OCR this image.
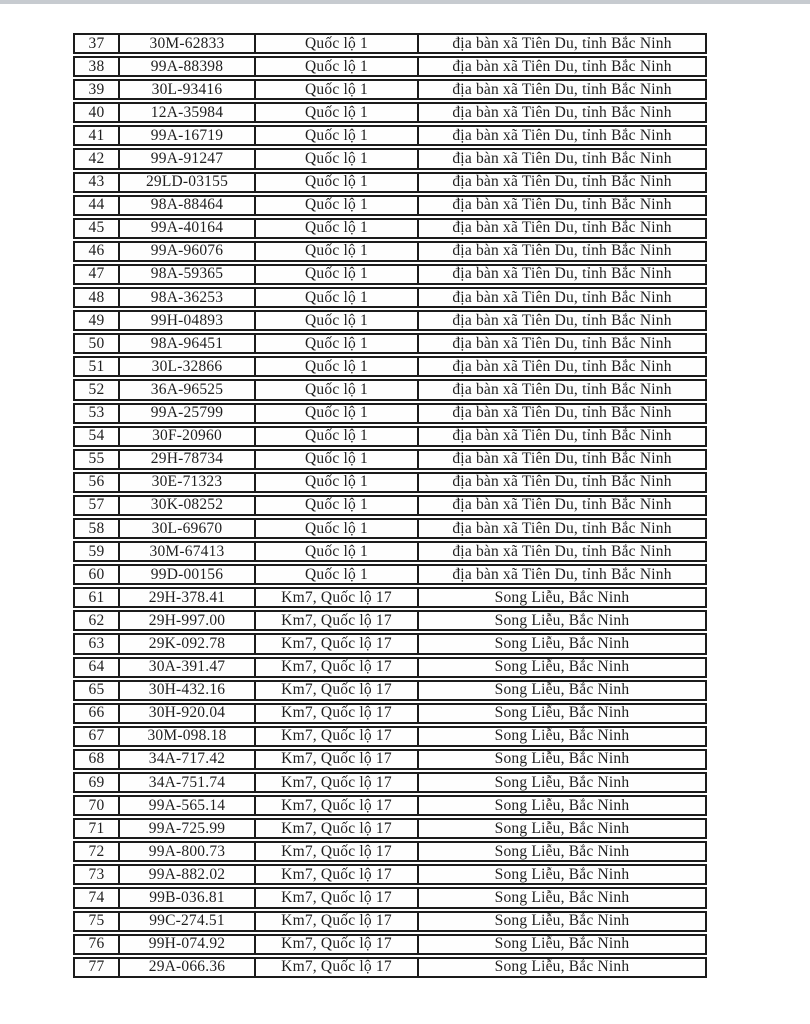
37	30M-62833	Quốc lộ 1	địa bàn xã Tiên Du, tỉnh Bắc Ninh
38	99A-88398	Quốc lộ 1	địa bàn xã Tiên Du, tỉnh Bắc Ninh
39	30L-93416	Quốc lộ 1	địa bàn xã Tiên Du, tỉnh Bắc Ninh
40	12A-35984	Quốc lộ 1	địa bàn xã Tiên Du, tỉnh Bắc Ninh
41	99A-16719	Quốc lộ 1	địa bàn xã Tiên Du, tỉnh Bắc Ninh
42	99A-91247	Quốc lộ 1	địa bàn xã Tiên Du, tỉnh Bắc Ninh
43	29LD-03155	Quốc lộ 1	địa bàn xã Tiên Du, tỉnh Bắc Ninh
44	98A-88464	Quốc lộ 1	địa bàn xã Tiên Du, tỉnh Bắc Ninh
45	99A-40164	Quốc lộ 1	địa bàn xã Tiên Du, tỉnh Bắc Ninh
46	99A-96076	Quốc lộ 1	địa bàn xã Tiên Du, tỉnh Bắc Ninh
47	98A-59365	Quốc lộ 1	địa bàn xã Tiên Du, tỉnh Bắc Ninh
48	98A-36253	Quốc lộ 1	địa bàn xã Tiên Du, tỉnh Bắc Ninh
49	99H-04893	Quốc lộ 1	địa bàn xã Tiên Du, tỉnh Bắc Ninh
50	98A-96451	Quốc lộ 1	địa bàn xã Tiên Du, tỉnh Bắc Ninh
51	30L-32866	Quốc lộ 1	địa bàn xã Tiên Du, tỉnh Bắc Ninh
52	36A-96525	Quốc lộ 1	địa bàn xã Tiên Du, tỉnh Bắc Ninh
53	99A-25799	Quốc lộ 1	địa bàn xã Tiên Du, tỉnh Bắc Ninh
54	30F-20960	Quốc lộ 1	địa bàn xã Tiên Du, tỉnh Bắc Ninh
55	29H-78734	Quốc lộ 1	địa bàn xã Tiên Du, tỉnh Bắc Ninh
56	30E-71323	Quốc lộ 1	địa bàn xã Tiên Du, tỉnh Bắc Ninh
57	30K-08252	Quốc lộ 1	địa bàn xã Tiên Du, tỉnh Bắc Ninh
58	30L-69670	Quốc lộ 1	địa bàn xã Tiên Du, tỉnh Bắc Ninh
59	30M-67413	Quốc lộ 1	địa bàn xã Tiên Du, tỉnh Bắc Ninh
60	99D-00156	Quốc lộ 1	địa bàn xã Tiên Du, tỉnh Bắc Ninh
61	29H-378.41	Km7, Quốc lộ 17	Song Liễu, Bắc Ninh
62	29H-997.00	Km7, Quốc lộ 17	Song Liễu, Bắc Ninh
63	29K-092.78	Km7, Quốc lộ 17	Song Liễu, Bắc Ninh
64	30A-391.47	Km7, Quốc lộ 17	Song Liễu, Bắc Ninh
65	30H-432.16	Km7, Quốc lộ 17	Song Liễu, Bắc Ninh
66	30H-920.04	Km7, Quốc lộ 17	Song Liễu, Bắc Ninh
67	30M-098.18	Km7, Quốc lộ 17	Song Liễu, Bắc Ninh
68	34A-717.42	Km7, Quốc lộ 17	Song Liễu, Bắc Ninh
69	34A-751.74	Km7, Quốc lộ 17	Song Liễu, Bắc Ninh
70	99A-565.14	Km7, Quốc lộ 17	Song Liễu, Bắc Ninh
71	99A-725.99	Km7, Quốc lộ 17	Song Liễu, Bắc Ninh
72	99A-800.73	Km7, Quốc lộ 17	Song Liễu, Bắc Ninh
73	99A-882.02	Km7, Quốc lộ 17	Song Liễu, Bắc Ninh
74	99B-036.81	Km7, Quốc lộ 17	Song Liễu, Bắc Ninh
75	99C-274.51	Km7, Quốc lộ 17	Song Liễu, Bắc Ninh
76	99H-074.92	Km7, Quốc lộ 17	Song Liễu, Bắc Ninh
77	29A-066.36	Km7, Quốc lộ 17	Song Liễu, Bắc Ninh
